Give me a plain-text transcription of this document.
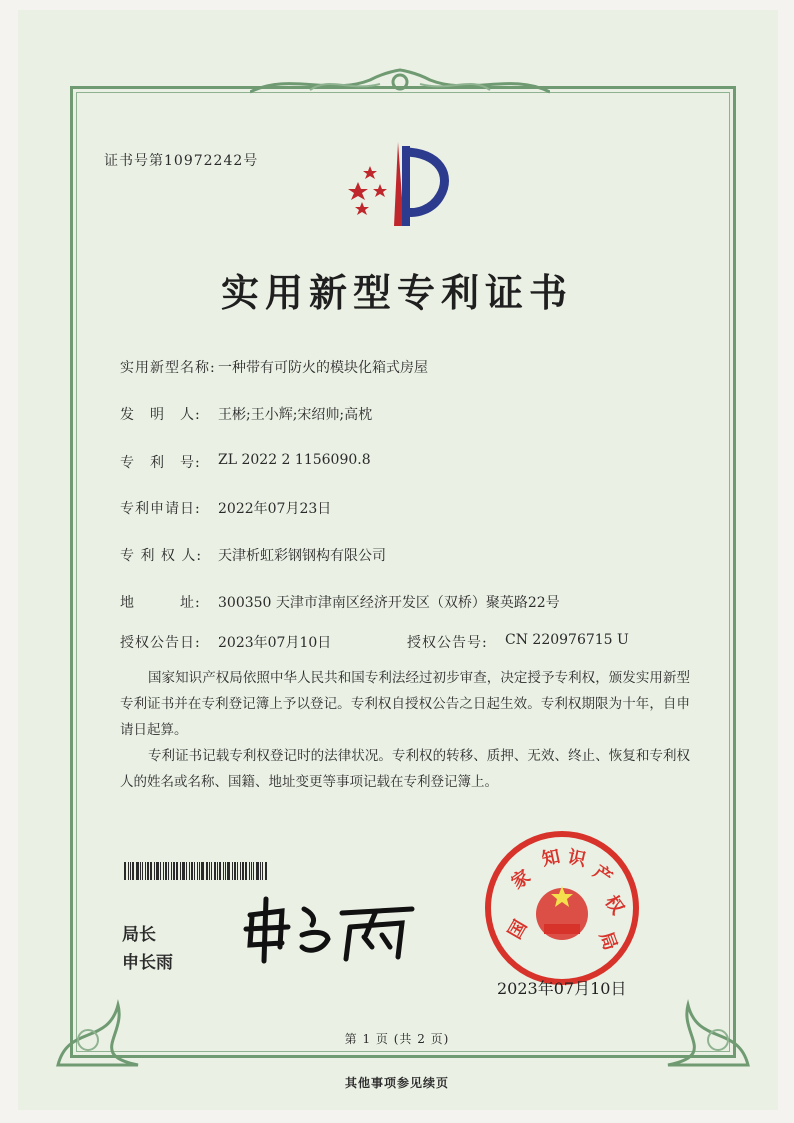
证书号第10972242号
实用新型专利证书
实用新型名称: 一种带有可防火的模块化箱式房屋
发　明　人: 王彬;王小辉;宋绍帅;高枕
专　利　号: ZL 2022 2 1156090.8
专利申请日: 2022年07月23日
专 利 权 人: 天津析虹彩钢钢构有限公司
地　　　址: 300350 天津市津南区经济开发区（双桥）聚英路22号
授权公告日: 2023年07月10日	授权公告号: CN 220976715 U
国家知识产权局依照中华人民共和国专利法经过初步审查，决定授予专利权，颁发实用新型专利证书并在专利登记簿上予以登记。专利权自授权公告之日起生效。专利权期限为十年，自申请日起算。
专利证书记载专利权登记时的法律状况。专利权的转移、质押、无效、终止、恢复和专利权人的姓名或名称、国籍、地址变更等事项记载在专利登记簿上。
局长
申长雨
国
家
知 识
产
权
局
2023年07月10日
第 1 页 (共 2 页)
其他事项参见续页
